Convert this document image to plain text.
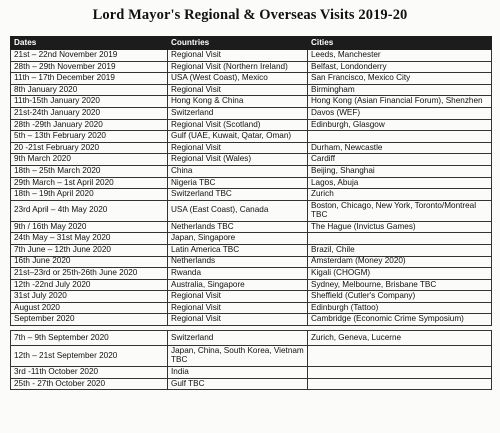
Lord Mayor's Regional & Overseas Visits 2019-20
Dates	Countries	Cities
21st – 22nd November 2019	Regional Visit	Leeds, Manchester
28th – 29th November 2019	Regional Visit (Northern Ireland)	Belfast, Londonderry
11th – 17th December 2019	USA (West Coast), Mexico	San Francisco, Mexico City
8th January 2020	Regional Visit	Birmingham
11th-15th January 2020	Hong Kong & China	Hong Kong (Asian Financial Forum), Shenzhen
21st-24th January 2020	Switzerland	Davos (WEF)
28th -29th January 2020	Regional Visit (Scotland)	Edinburgh, Glasgow
5th – 13th February 2020	Gulf (UAE, Kuwait, Qatar, Oman)	
20 -21st February 2020	Regional Visit	Durham, Newcastle
9th March 2020	Regional Visit (Wales)	Cardiff
18th – 25th March 2020	China	Beijing, Shanghai
29th March – 1st April 2020	Nigeria TBC	Lagos, Abuja
18th – 19th April 2020	Switzerland TBC	Zurich
23rd April – 4th May 2020	USA (East Coast), Canada	Boston, Chicago, New York, Toronto/Montreal TBC
9th / 16th May 2020	Netherlands TBC	The Hague (Invictus Games)
24th May – 31st May 2020	Japan, Singapore	
7th June – 12th June 2020	Latin America TBC	Brazil, Chile
16th June 2020	Netherlands	Amsterdam (Money 2020)
21st–23rd or 25th-26th June 2020	Rwanda	Kigali (CHOGM)
12th -22nd July 2020	Australia, Singapore	Sydney, Melbourne, Brisbane TBC
31st July 2020	Regional Visit	Sheffield (Cutler's Company)
August 2020	Regional Visit	Edinburgh (Tattoo)
September 2020	Regional Visit	Cambridge (Economic Crime Symposium)

7th – 9th September 2020	Switzerland	Zurich, Geneva, Lucerne
12th – 21st September 2020	Japan, China, South Korea, Vietnam TBC	
3rd -11th October 2020	India	
25th - 27th October 2020	Gulf TBC	
